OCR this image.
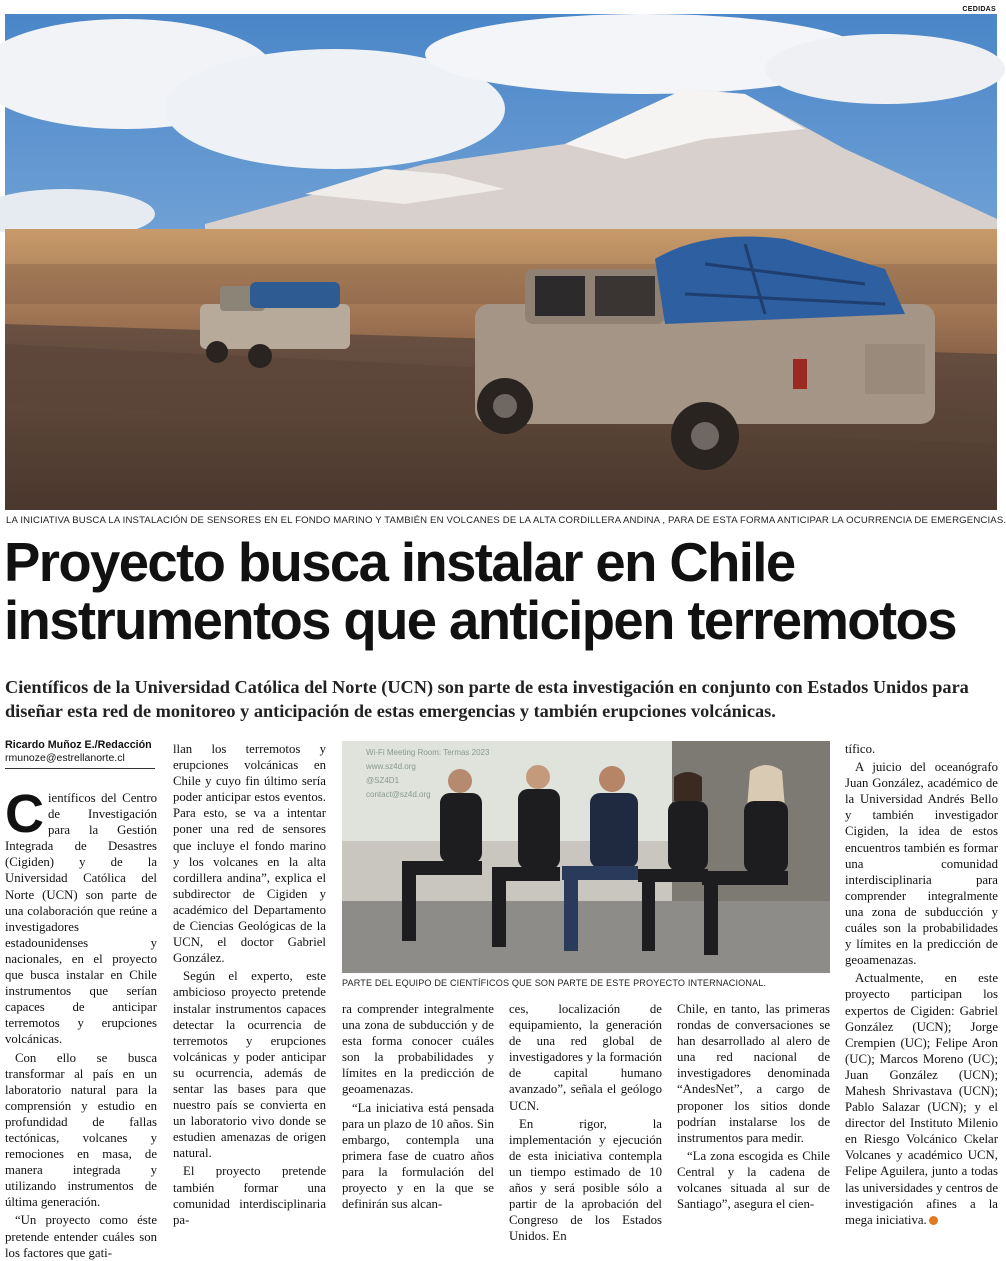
CEDIDAS
LA INICIATIVA BUSCA LA INSTALACIÓN DE SENSORES EN EL FONDO MARINO Y TAMBIÉN EN VOLCANES DE LA ALTA CORDILLERA ANDINA , PARA DE ESTA FORMA ANTICIPAR LA OCURRENCIA DE EMERGENCIAS.
Proyecto busca instalar en Chile
instrumentos que anticipen terremotos
Científicos de la Universidad Católica del Norte (UCN) son parte de esta investigación en conjunto con Estados Unidos para diseñar esta red de monitoreo y anticipación de estas emergencias y también erupciones volcánicas.
Ricardo Muñoz E./Redacción
rmunoze@estrellanorte.cl

Científicos del Centro de Investigación para la Gestión Integrada de Desastres (Cigiden) y de la Universidad Católica del Norte (UCN) son parte de una colaboración que reúne a investigadores estadounidenses y nacionales, en el proyecto que busca instalar en Chile instrumentos que serían capaces de anticipar terremotos y erupciones volcánicas.

Con ello se busca transformar al país en un laboratorio natural para la comprensión y estudio en profundidad de fallas tectónicas, volcanes y remociones en masa, de manera integrada y utilizando instrumentos de última generación.

“Un proyecto como éste pretende entender cuáles son los factores que gati-

llan los terremotos y erupciones volcánicas en Chile y cuyo fin último sería poder anticipar estos eventos. Para esto, se va a intentar poner una red de sensores que incluye el fondo marino y los volcanes en la alta cordillera andina”, explica el subdirector de Cigiden y académico del Departamento de Ciencias Geológicas de la UCN, el doctor Gabriel González.

Según el experto, este ambicioso proyecto pretende instalar instrumentos capaces detectar la ocurrencia de terremotos y erupciones volcánicas y poder anticipar su ocurrencia, además de sentar las bases para que nuestro país se convierta en un laboratorio vivo donde se estudien amenazas de origen natural.

El proyecto pretende también formar una comunidad interdisciplinaria pa-

Wi-Fi Meeting Room: Termas 2023
www.sz4d.org
@SZ4D1
contact@sz4d.org
PARTE DEL EQUIPO DE CIENTÍFICOS QUE SON PARTE DE ESTE PROYECTO INTERNACIONAL.

ra comprender integralmente una zona de subducción y de esta forma conocer cuáles son la probabilidades y límites en la predicción de geoamenazas.

“La iniciativa está pensada para un plazo de 10 años. Sin embargo, contempla una primera fase de cuatro años para la formulación del proyecto y en la que se definirán sus alcan-

ces, localización de equipamiento, la generación de una red global de investigadores y la formación de capital humano avanzado”, señala el geólogo UCN.

En rigor, la implementación y ejecución de esta iniciativa contempla un tiempo estimado de 10 años y será posible sólo a partir de la aprobación del Congreso de los Estados Unidos. En

Chile, en tanto, las primeras rondas de conversaciones se han desarrollado al alero de una red nacional de investigadores denominada “AndesNet”, a cargo de proponer los sitios donde podrían instalarse los de instrumentos para medir.

“La zona escogida es Chile Central y la cadena de volcanes situada al sur de Santiago”, asegura el cien-

tífico.

A juicio del oceanógrafo Juan González, académico de la Universidad Andrés Bello y también investigador Cigiden, la idea de estos encuentros también es formar una comunidad interdisciplinaria para comprender integralmente una zona de subducción y cuáles son la probabilidades y límites en la predicción de geoamenazas.

Actualmente, en este proyecto participan los expertos de Cigiden: Gabriel González (UCN); Jorge Crempien (UC); Felipe Aron (UC); Marcos Moreno (UC); Juan González (UCN); Mahesh Shrivastava (UCN); Pablo Salazar (UCN); y el director del Instituto Milenio en Riesgo Volcánico Ckelar Volcanes y académico UCN, Felipe Aguilera, junto a todas las universidades y centros de investigación afines a la mega iniciativa.
